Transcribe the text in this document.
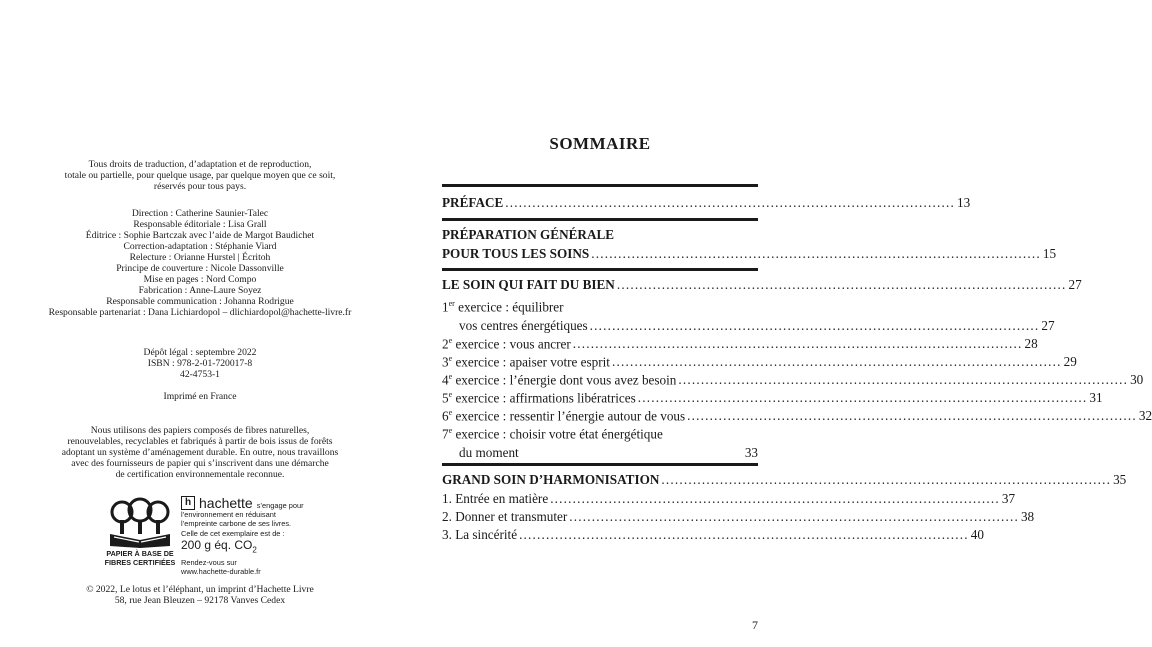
Tous droits de traduction, d’adaptation et de reproduction,
totale ou partielle, pour quelque usage, par quelque moyen que ce soit,
réservés pour tous pays.
Direction : Catherine Saunier-Talec
Responsable éditoriale : Lisa Grall
Éditrice : Sophie Bartczak avec l’aide de Margot Baudichet
Correction-adaptation : Stéphanie Viard
Relecture : Orianne Hurstel | Écritoh
Principe de couverture : Nicole Dassonville
Mise en pages : Nord Compo
Fabrication : Anne-Laure Soyez
Responsable communication : Johanna Rodrigue
Responsable partenariat : Dana Lichiardopol – dlichiardopol@hachette-livre.fr
Dépôt légal : septembre 2022
ISBN : 978-2-01-720017-8
42-4753-1
Imprimé en France
Nous utilisons des papiers composés de fibres naturelles,
renouvelables, recyclables et fabriqués à partir de bois issus de forêts
adoptant un système d’aménagement durable. En outre, nous travaillons
avec des fournisseurs de papier qui s’inscrivent dans une démarche
de certification environnementale reconnue.
PAPIER À BASE DE
FIBRES CERTIFIÉES
h hachette s’engage pour
l’environnement en réduisant
l’empreinte carbone de ses livres.
Celle de cet exemplaire est de :
200 g éq. $CO_2$
Rendez-vous sur
www.hachette-durable.fr
© 2022, Le lotus et l’éléphant, un imprint d’Hachette Livre
58, rue Jean Bleuzen – 92178 Vanves Cedex
SOMMAIRE
PRÉFACE .................................................................................................... 13
PRÉPARATION GÉNÉRALE
POUR TOUS LES SOINS .................................................................................................... 15
LE SOIN QUI FAIT DU BIEN .................................................................................................... 27
1er exercice : équilibrer
vos centres énergétiques .................................................................................................... 27
2e exercice : vous ancrer .................................................................................................... 28
3e exercice : apaiser votre esprit .................................................................................................... 29
4e exercice : l’énergie dont vous avez besoin .................................................................................................... 30
5e exercice : affirmations libératrices .................................................................................................... 31
6e exercice : ressentir l’énergie autour de vous .................................................................................................... 32
7e exercice : choisir votre état énergétique
du moment	33
GRAND SOIN D’HARMONISATION .................................................................................................... 35
1. Entrée en matière .................................................................................................... 37
2. Donner et transmuter .................................................................................................... 38
3. La sincérité .................................................................................................... 40
7
